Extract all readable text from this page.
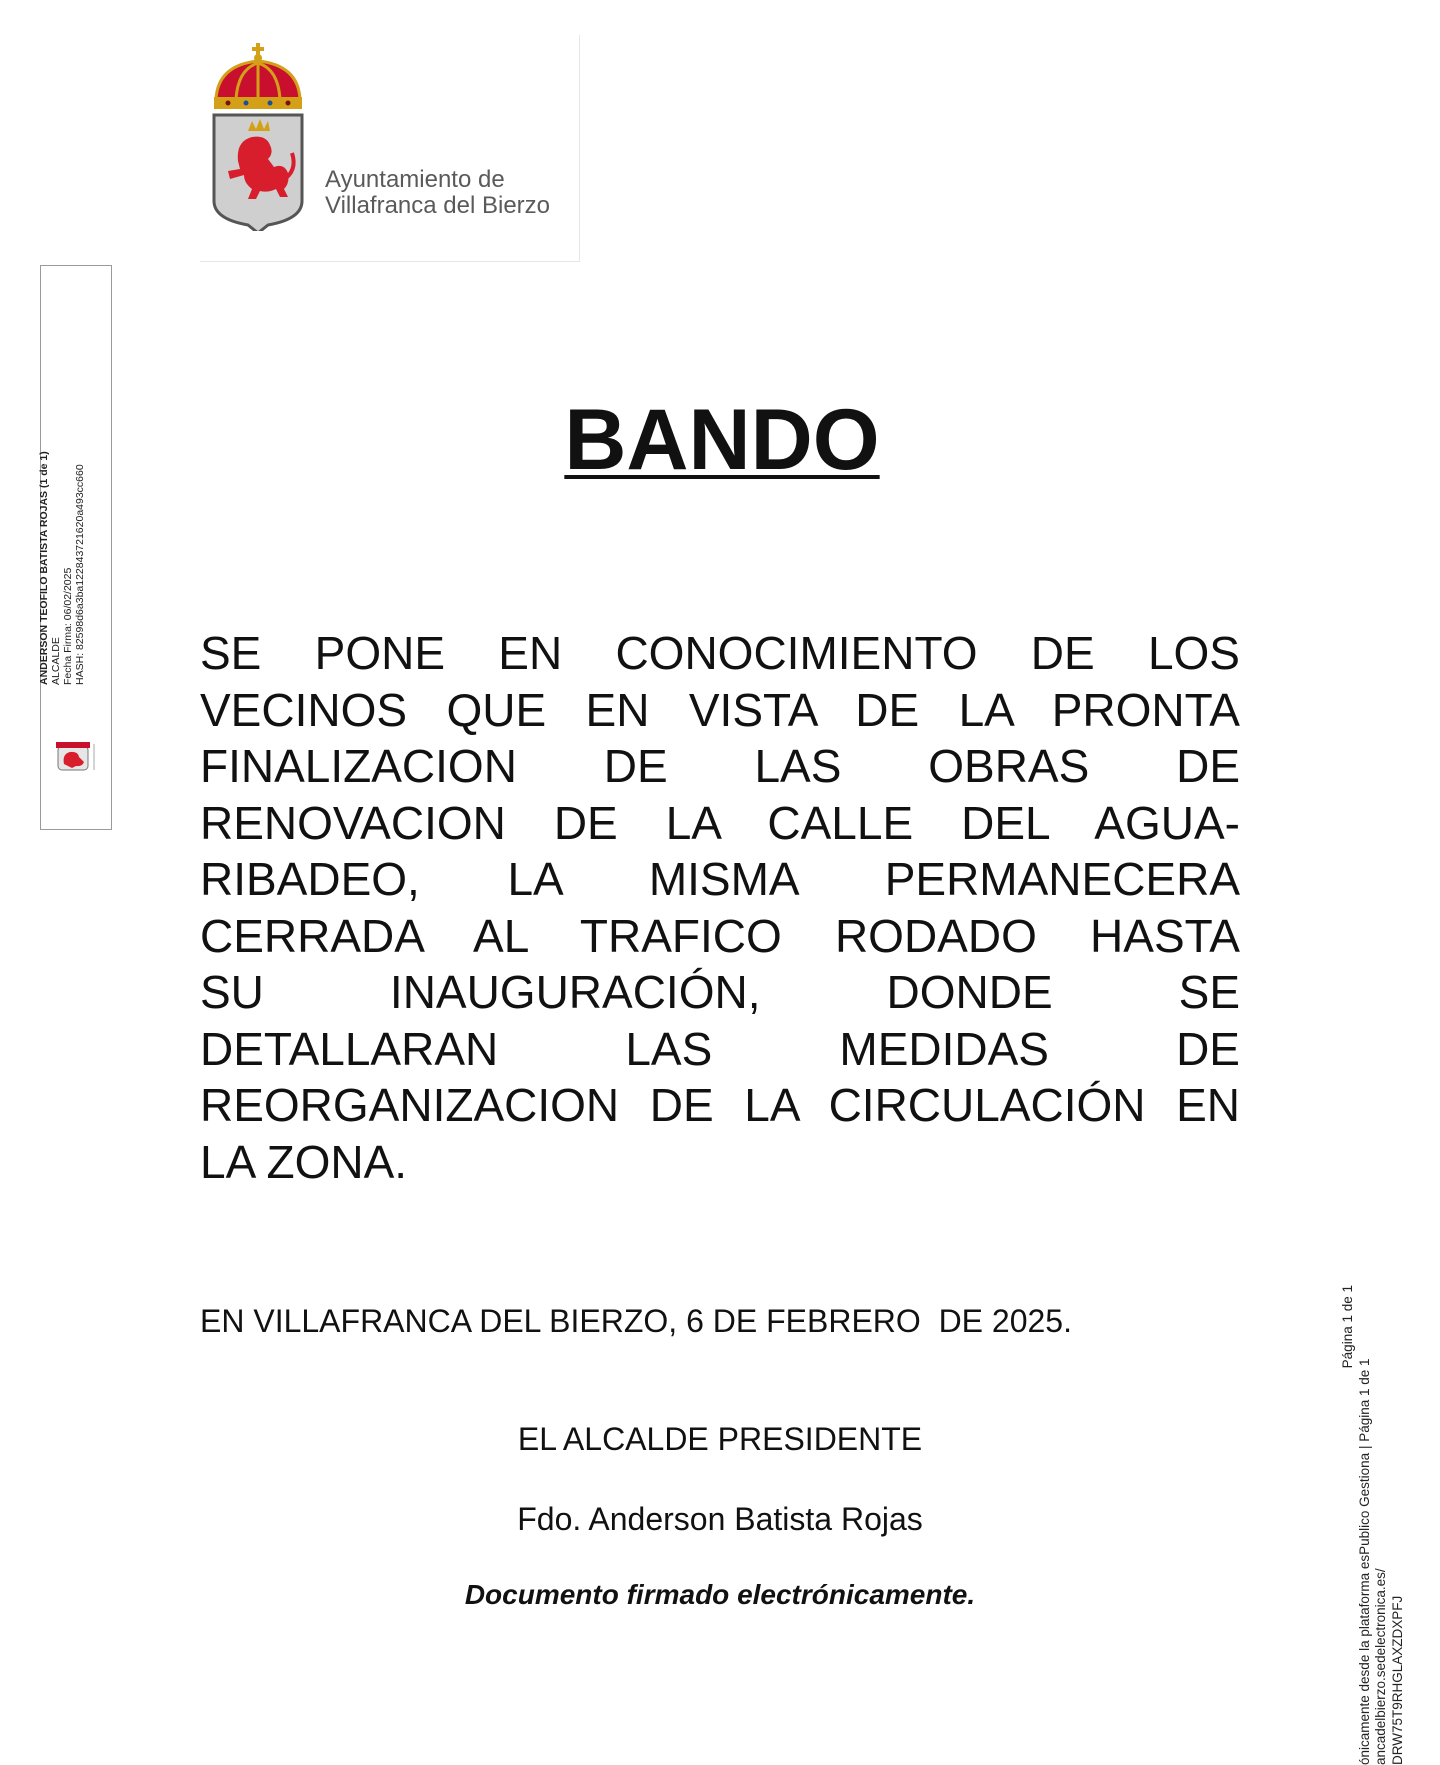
Ayuntamiento de
Villafranca del Bierzo
ANDERSON TEOFILO BATISTA ROJAS (1 de 1) ALCALDE Fecha Firma: 06/02/2025 HASH: 82598d6a3ba122843721620a493cc660
BANDO
SE PONE EN CONOCIMIENTO DE LOS
VECINOS QUE EN VISTA DE LA PRONTA
FINALIZACION DE LAS OBRAS DE
RENOVACION DE LA CALLE DEL AGUA-
RIBADEO, LA MISMA PERMANECERA
CERRADA AL TRAFICO RODADO HASTA
SU INAUGURACIÓN, DONDE SE
DETALLARAN LAS MEDIDAS DE
REORGANIZACION DE LA CIRCULACIÓN EN
LA ZONA.
EN VILLAFRANCA DEL BIERZO, 6 DE FEBRERO  DE 2025.
EL ALCALDE PRESIDENTE
Fdo. Anderson Batista Rojas
Documento firmado electrónicamente.
Página 1 de 1
ónicamente desde la plataforma esPublico Gestiona | Página 1 de 1 ancadelbierzo.sedelectronica.es/ DRW75T9RHGLAXZDXPFJ
